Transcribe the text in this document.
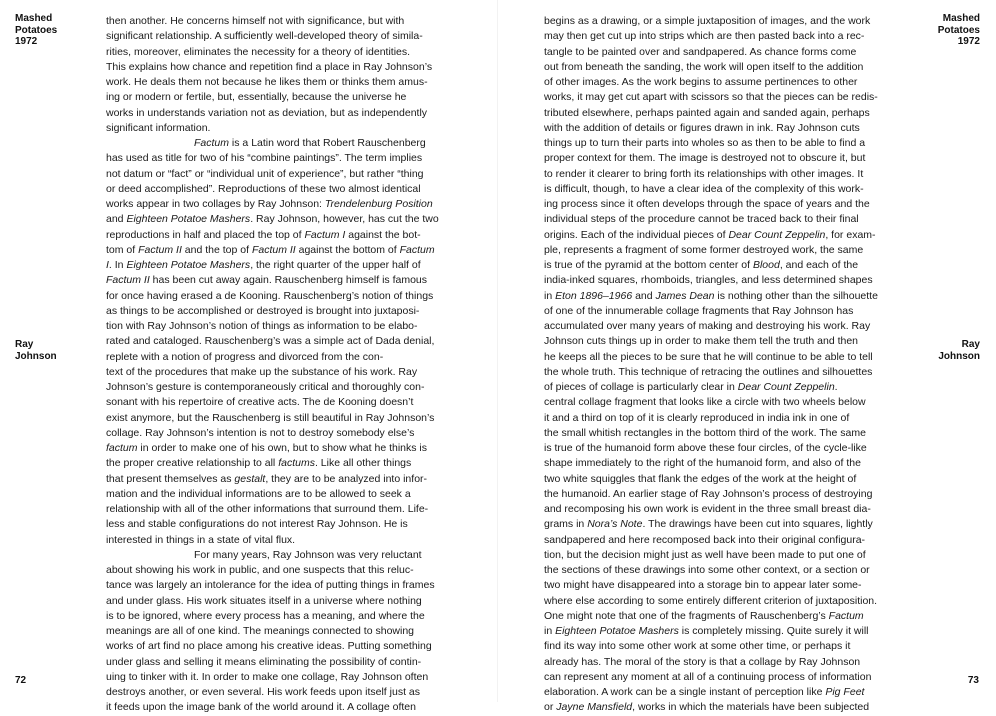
Mashed
Potatoes
1972
Ray
Johnson
then another. He concerns himself not with significance, but with
significant relationship. A sufficiently well-developed theory of simila-
rities, moreover, eliminates the necessity for a theory of identities.
This explains how chance and repetition find a place in Ray Johnson’s
work. He deals them not because he likes them or thinks them amus-
ing or modern or fertile, but, essentially, because the universe he
works in understands variation not as deviation, but as independently
significant information.
Factum is a Latin word that Robert Rauschenberg
has used as title for two of his “combine paintings”. The term implies
not datum or “fact” or “individual unit of experience”, but rather “thing
or deed accomplished”. Reproductions of these two almost identical
works appear in two collages by Ray Johnson: Trendelenburg Position
and Eighteen Potatoe Mashers. Ray Johnson, however, has cut the two
reproductions in half and placed the top of Factum I against the bot-
tom of Factum II and the top of Factum II against the bottom of Factum
I. In Eighteen Potatoe Mashers, the right quarter of the upper half of
Factum II has been cut away again. Rauschenberg himself is famous
for once having erased a de Kooning. Rauschenberg’s notion of things
as things to be accomplished or destroyed is brought into juxtaposi-
tion with Ray Johnson’s notion of things as information to be elabo-
rated and cataloged. Rauschenberg’s was a simple act of Dada denial,
replete with a notion of progress and divorced from the con-
text of the procedures that make up the substance of his work. Ray
Johnson’s gesture is contemporaneously critical and thoroughly con-
sonant with his repertoire of creative acts. The de Kooning doesn’t
exist anymore, but the Rauschenberg is still beautiful in Ray Johnson’s
collage. Ray Johnson’s intention is not to destroy somebody else’s
factum in order to make one of his own, but to show what he thinks is
the proper creative relationship to all factums. Like all other things
that present themselves as gestalt, they are to be analyzed into infor-
mation and the individual informations are to be allowed to seek a
relationship with all of the other informations that surround them. Life-
less and stable configurations do not interest Ray Johnson. He is
interested in things in a state of vital flux.
For many years, Ray Johnson was very reluctant
about showing his work in public, and one suspects that this reluc-
tance was largely an intolerance for the idea of putting things in frames
and under glass. His work situates itself in a universe where nothing
is to be ignored, where every process has a meaning, and where the
meanings are all of one kind. The meanings connected to showing
works of art find no place among his creative ideas. Putting something
under glass and selling it means eliminating the possibility of contin-
uing to tinker with it. In order to make one collage, Ray Johnson often
destroys another, or even several. His work feeds upon itself just as
it feeds upon the image bank of the world around it. A collage often
72
Mashed
Potatoes
1972
Ray
Johnson
begins as a drawing, or a simple juxtaposition of images, and the work
may then get cut up into strips which are then pasted back into a rec-
tangle to be painted over and sandpapered. As chance forms come
out from beneath the sanding, the work will open itself to the addition
of other images. As the work begins to assume pertinences to other
works, it may get cut apart with scissors so that the pieces can be redis-
tributed elsewhere, perhaps painted again and sanded again, perhaps
with the addition of details or figures drawn in ink. Ray Johnson cuts
things up to turn their parts into wholes so as then to be able to find a
proper context for them. The image is destroyed not to obscure it, but
to render it clearer to bring forth its relationships with other images. It
is difficult, though, to have a clear idea of the complexity of this work-
ing process since it often develops through the space of years and the
individual steps of the procedure cannot be traced back to their final
origins. Each of the individual pieces of Dear Count Zeppelin, for exam-
ple, represents a fragment of some former destroyed work, the same
is true of the pyramid at the bottom center of Blood, and each of the
india-inked squares, rhomboids, triangles, and less determined shapes
in Eton 1896–1966 and James Dean is nothing other than the silhouette
of one of the innumerable collage fragments that Ray Johnson has
accumulated over many years of making and destroying his work. Ray
Johnson cuts things up in order to make them tell the truth and then
he keeps all the pieces to be sure that he will continue to be able to tell
the whole truth. This technique of retracing the outlines and silhouettes
of pieces of collage is particularly clear in Dear Count Zeppelin.
central collage fragment that looks like a circle with two wheels below
it and a third on top of it is clearly reproduced in india ink in one of
the small whitish rectangles in the bottom third of the work. The same
is true of the humanoid form above these four circles, of the cycle-like
shape immediately to the right of the humanoid form, and also of the
two white squiggles that flank the edges of the work at the height of
the humanoid. An earlier stage of Ray Johnson’s process of destroying
and recomposing his own work is evident in the three small breast dia-
grams in Nora’s Note. The drawings have been cut into squares, lightly
sandpapered and here recomposed back into their original configura-
tion, but the decision might just as well have been made to put one of
the sections of these drawings into some other context, or a section or
two might have disappeared into a storage bin to appear later some-
where else according to some entirely different criterion of juxtaposition.
One might note that one of the fragments of Rauschenberg’s Factum
in Eighteen Potatoe Mashers is completely missing. Quite surely it will
find its way into some other work at some other time, or perhaps it
already has. The moral of the story is that a collage by Ray Johnson
can represent any moment at all of a continuing process of information
elaboration. A work can be a single instant of perception like Pig Feet
or Jayne Mansfield, works in which the materials have been subjected
73
